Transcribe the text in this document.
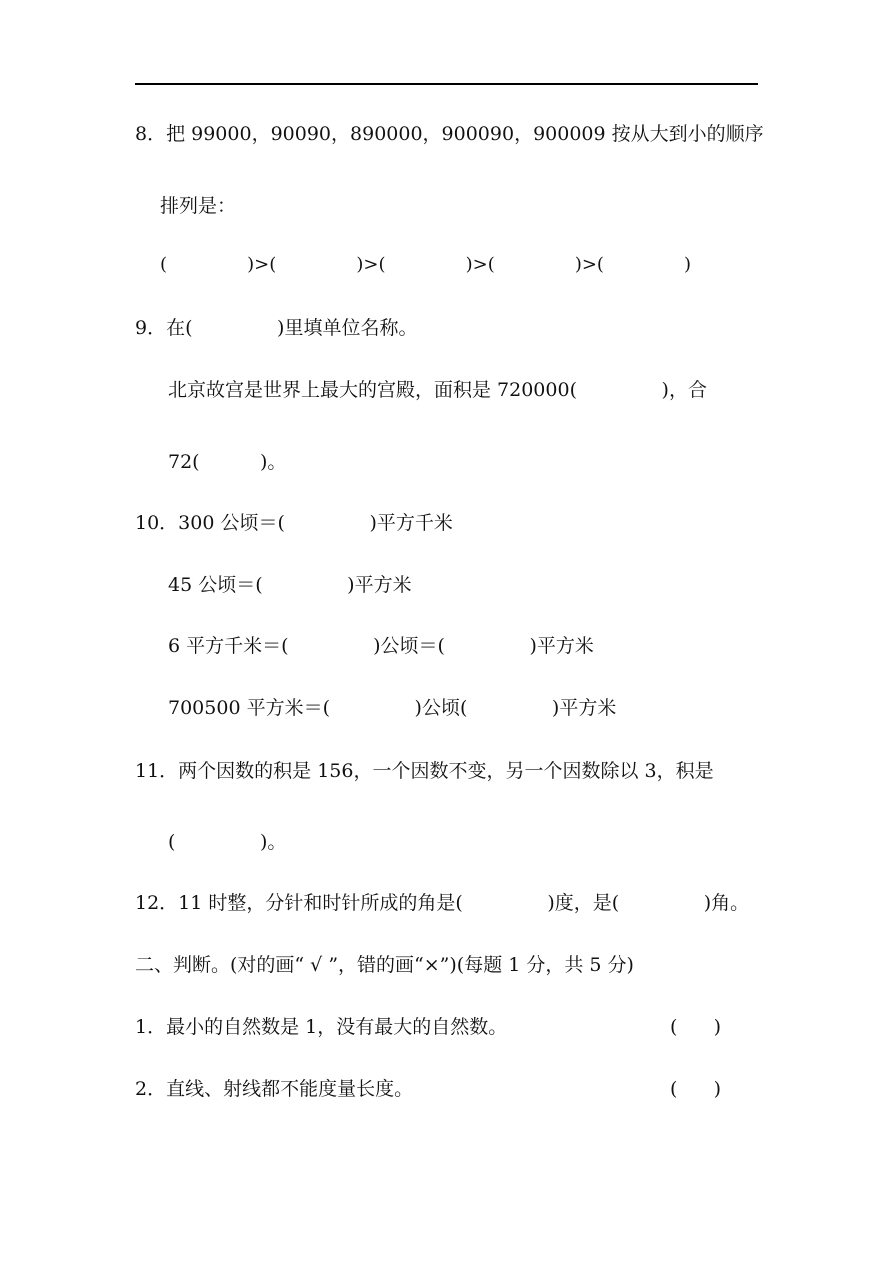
8．把 99000，90090，890000，900090，900009 按从大到小的顺序
排列是：
(              )>(              )>(              )>(              )>(              )
9．在(              )里填单位名称。
北京故宫是世界上最大的宫殿，面积是 720000(              )，合
72(          )。
10．300 公顷＝(              )平方千米
45 公顷＝(              )平方米
6 平方千米＝(              )公顷＝(              )平方米
700500 平方米＝(              )公顷(              )平方米
11．两个因数的积是 156，一个因数不变，另一个因数除以 3，积是
(              )。
12．11 时整，分针和时针所成的角是(              )度，是(              )角。
二、判断。(对的画“ √ ”，错的画“×”)(每题 1 分，共 5 分)
1．最小的自然数是 1，没有最大的自然数。	(      )
2．直线、射线都不能度量长度。	(      )
